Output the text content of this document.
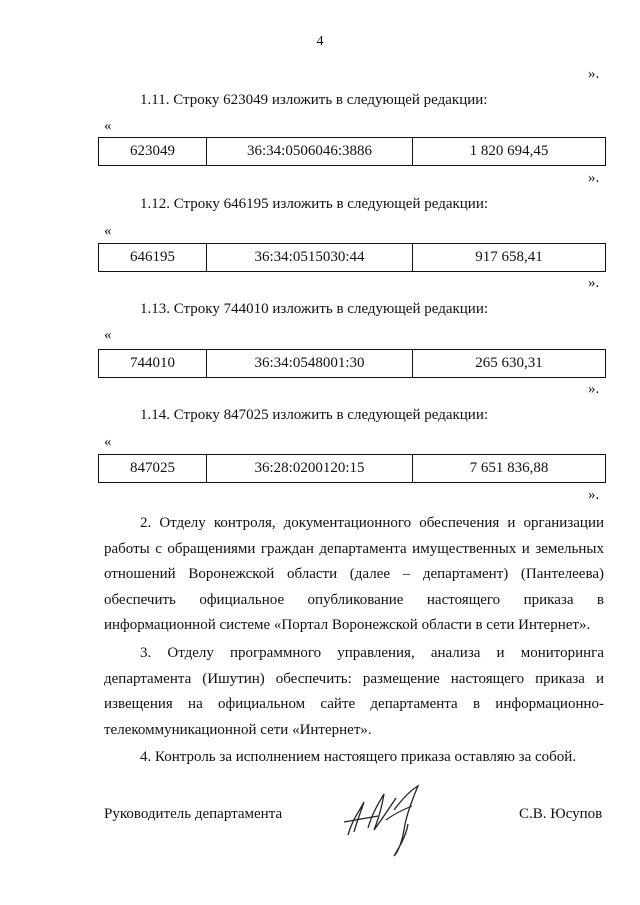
4
».
1.11. Строку 623049 изложить в следующей редакции:
«
623049	36:34:0506046:3886	1 820 694,45
».
1.12. Строку 646195 изложить в следующей редакции:
«
646195	36:34:0515030:44	917 658,41
».
1.13. Строку 744010 изложить в следующей редакции:
«
744010	36:34:0548001:30	265 630,31
».
1.14. Строку 847025 изложить в следующей редакции:
«
847025	36:28:0200120:15	7 651 836,88
».
2. Отделу контроля, документационного обеспечения и организации работы с обращениями граждан департамента имущественных и земельных отношений Воронежской области (далее – департамент) (Пантелеева) обеспечить официальное опубликование настоящего приказа в информационной системе «Портал Воронежской области в сети Интернет».
3. Отделу программного управления, анализа и мониторинга департамента (Ишутин) обеспечить: размещение настоящего приказа и извещения на официальном сайте департамента в информационно-телекоммуникационной сети «Интернет».
4. Контроль за исполнением настоящего приказа оставляю за собой.
Руководитель департамента	С.В. Юсупов
